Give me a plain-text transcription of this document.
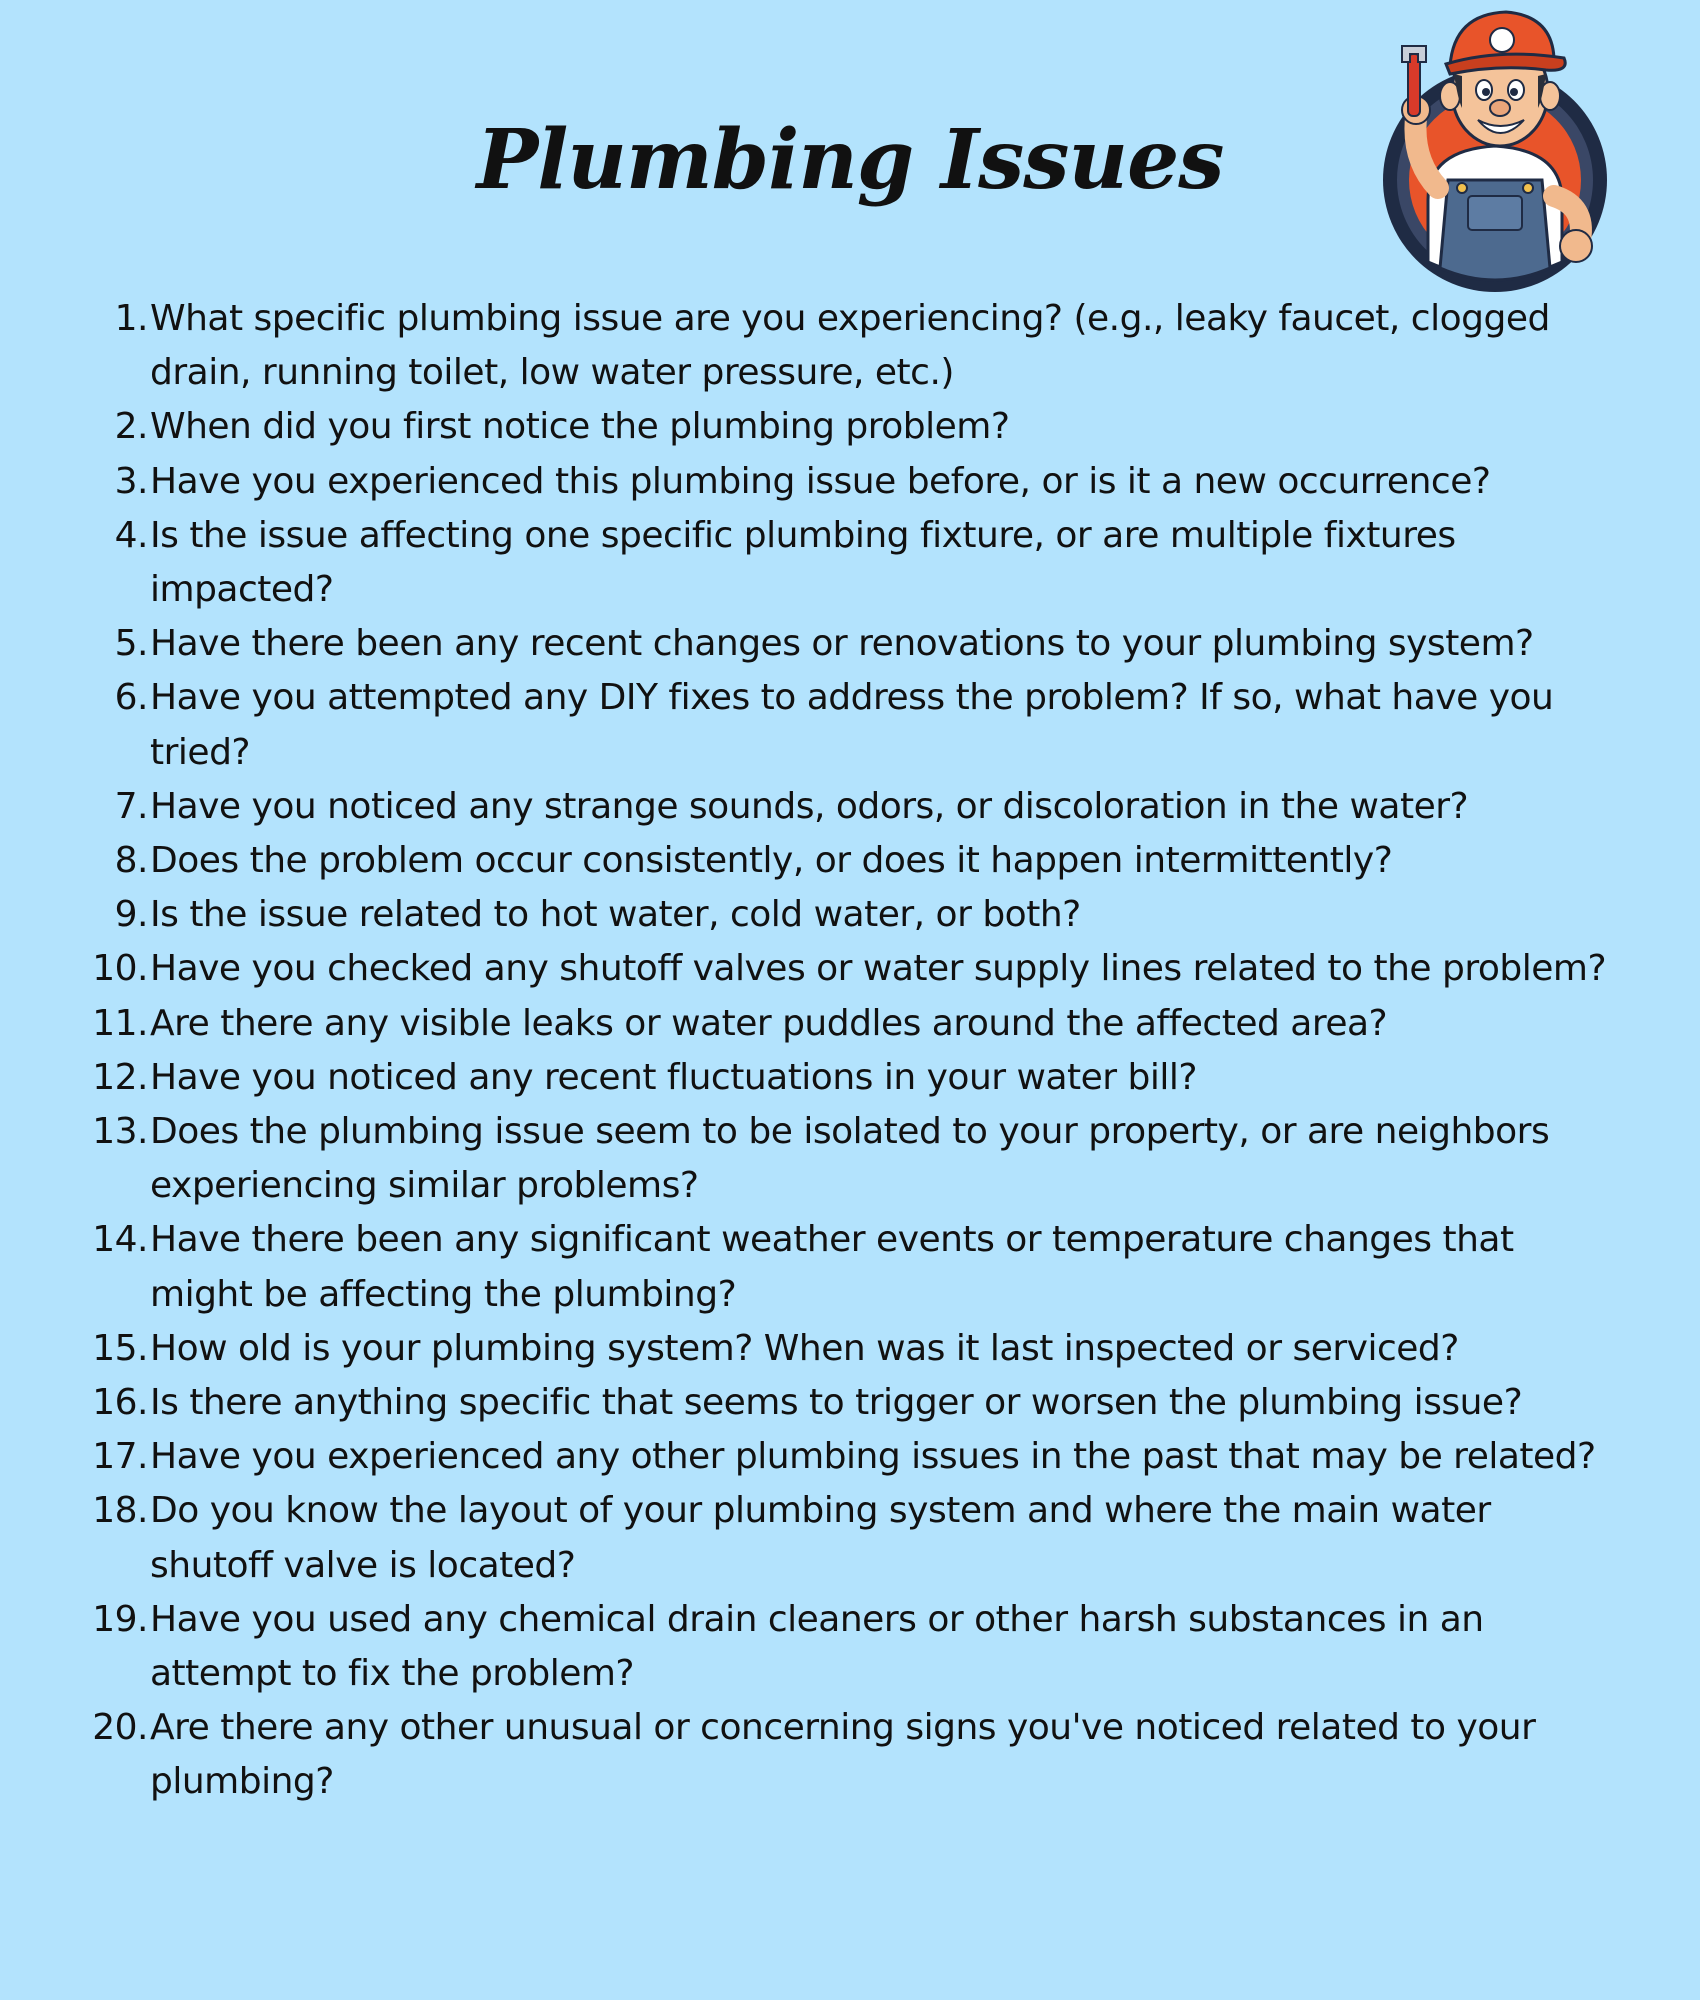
Plumbing Issues
1. What specific plumbing issue are you experiencing? (e.g., leaky faucet, clogged drain, running toilet, low water pressure, etc.)
2. When did you first notice the plumbing problem?
3. Have you experienced this plumbing issue before, or is it a new occurrence?
4. Is the issue affecting one specific plumbing fixture, or are multiple fixtures impacted?
5. Have there been any recent changes or renovations to your plumbing system?
6. Have you attempted any DIY fixes to address the problem? If so, what have you tried?
7. Have you noticed any strange sounds, odors, or discoloration in the water?
8. Does the problem occur consistently, or does it happen intermittently?
9. Is the issue related to hot water, cold water, or both?
10. Have you checked any shutoff valves or water supply lines related to the problem?
11. Are there any visible leaks or water puddles around the affected area?
12. Have you noticed any recent fluctuations in your water bill?
13. Does the plumbing issue seem to be isolated to your property, or are neighbors experiencing similar problems?
14. Have there been any significant weather events or temperature changes that might be affecting the plumbing?
15. How old is your plumbing system? When was it last inspected or serviced?
16. Is there anything specific that seems to trigger or worsen the plumbing issue?
17. Have you experienced any other plumbing issues in the past that may be related?
18. Do you know the layout of your plumbing system and where the main water shutoff valve is located?
19. Have you used any chemical drain cleaners or other harsh substances in an attempt to fix the problem?
20. Are there any other unusual or concerning signs you've noticed related to your plumbing?
